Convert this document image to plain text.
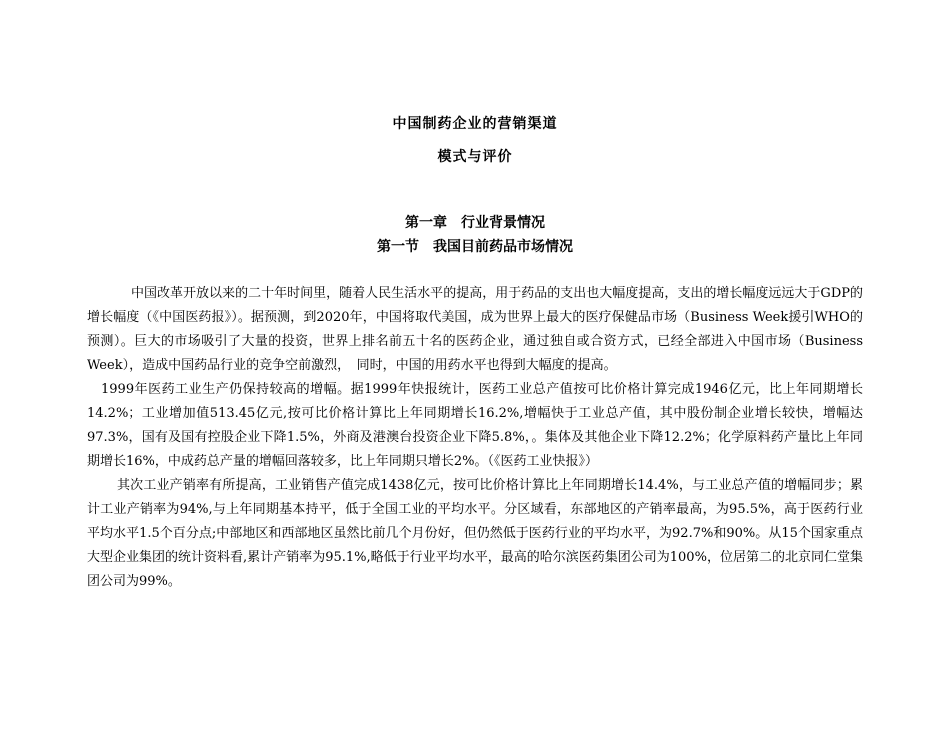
中国制药企业的营销渠道
模式与评价
第一章　行业背景情况
第一节　我国目前药品市场情况

中国改革开放以来的二十年时间里，随着人民生活水平的提高，用于药品的支出也大幅度提高，支出的增长幅度远远大于GDP的增长幅度（《中国医药报》）。据预测，到2020年，中国将取代美国，成为世界上最大的医疗保健品市场（Business Week援引WHO的预测）。巨大的市场吸引了大量的投资，世界上排名前五十名的医药企业，通过独自或合资方式，已经全部进入中国市场（Business Week），造成中国药品行业的竞争空前激烈，　同时，中国的用药水平也得到大幅度的提高。

1999年医药工业生产仍保持较高的增幅。据1999年快报统计，医药工业总产值按可比价格计算完成1946亿元，比上年同期增长14.2%；工业增加值513.45亿元,按可比价格计算比上年同期增长16.2%,增幅快于工业总产值，其中股份制企业增长较快，增幅达97.3%，国有及国有控股企业下降1.5%，外商及港澳台投资企业下降5.8%，。集体及其他企业下降12.2%；化学原料药产量比上年同期增长16%，中成药总产量的增幅回落较多，比上年同期只增长2%。（《医药工业快报》）

其次工业产销率有所提高，工业销售产值完成1438亿元，按可比价格计算比上年同期增长14.4%，与工业总产值的增幅同步；累计工业产销率为94%,与上年同期基本持平，低于全国工业的平均水平。分区域看，东部地区的产销率最高，为95.5%，高于医药行业平均水平1.5个百分点;中部地区和西部地区虽然比前几个月份好，但仍然低于医药行业的平均水平，为92.7%和90%。从15个国家重点大型企业集团的统计资料看,累计产销率为95.1%,略低于行业平均水平，最高的哈尔滨医药集团公司为100%，位居第二的北京同仁堂集团公司为99%。
